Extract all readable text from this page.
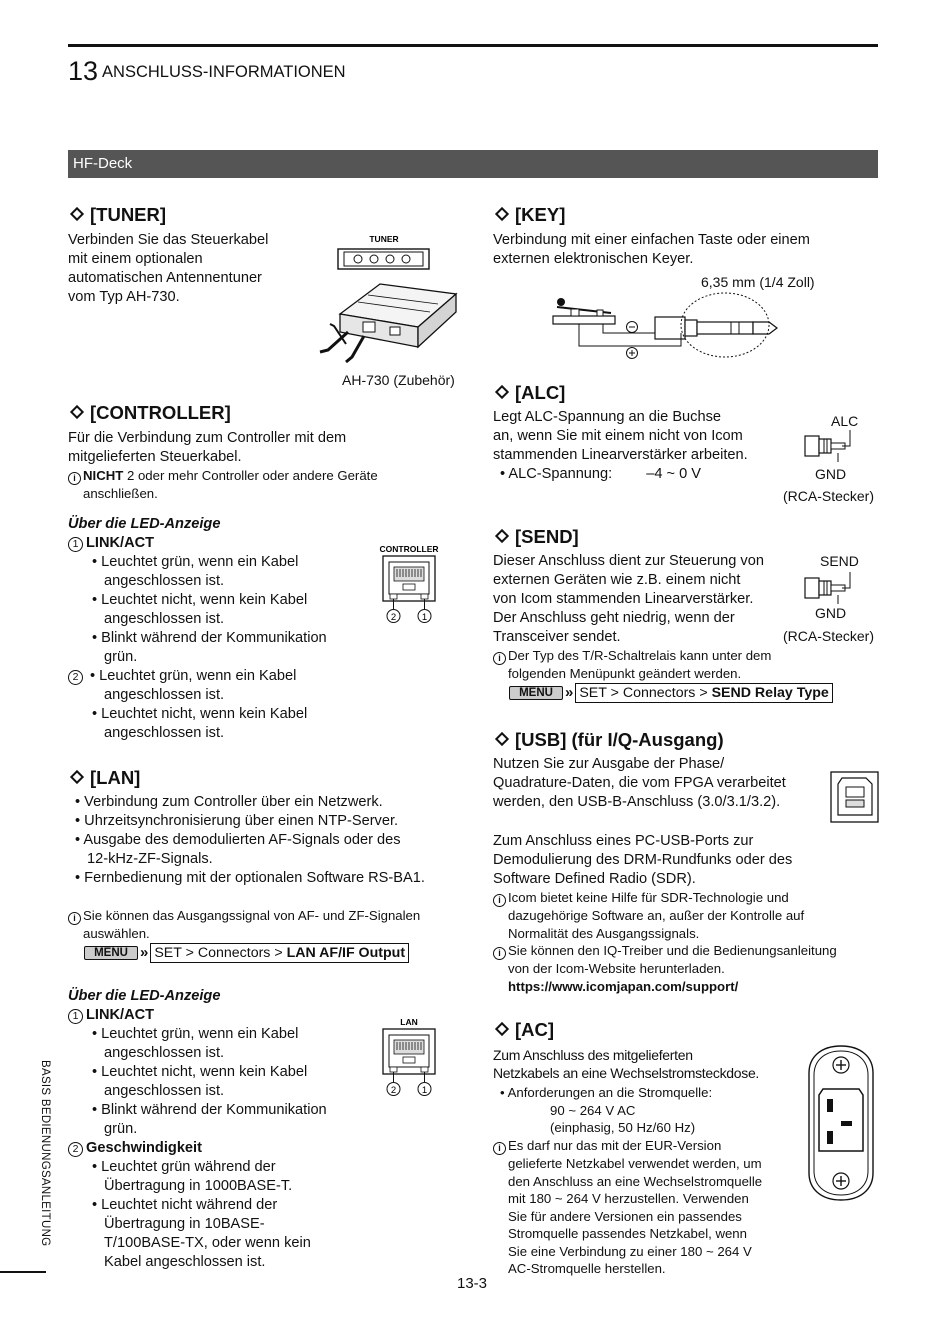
13 ANSCHLUSS-INFORMATIONEN
HF-Deck
[TUNER]
Verbinden Sie das Steuerkabel
mit einem optionalen
automatischen Antennentuner
vom Typ AH-730.
TUNER
AH-730 (Zubehör)
[CONTROLLER]
Für die Verbindung zum Controller mit dem
mitgelieferten Steuerkabel.
i NICHT 2 oder mehr Controller oder andere Geräte
anschließen.
Über die LED-Anzeige
1 LINK/ACT
• Leuchtet grün, wenn ein Kabel
angeschlossen ist.
• Leuchtet nicht, wenn kein Kabel
angeschlossen ist.
• Blinkt während der Kommunikation
grün.
2 • Leuchtet grün, wenn ein Kabel
angeschlossen ist.
• Leuchtet nicht, wenn kein Kabel
angeschlossen ist.
CONTROLLER
2	1
[LAN]
• Verbindung zum Controller über ein Netzwerk.
• Uhrzeitsynchronisierung über einen NTP-Server.
• Ausgabe des demodulierten AF-Signals oder des
12-kHz-ZF-Signals.
• Fernbedienung mit der optionalen Software RS-BA1.
i Sie können das Ausgangssignal von AF- und ZF-Signalen
auswählen.
MENU » SET > Connectors > LAN AF/IF Output
Über die LED-Anzeige
1 LINK/ACT
• Leuchtet grün, wenn ein Kabel
angeschlossen ist.
• Leuchtet nicht, wenn kein Kabel
angeschlossen ist.
• Blinkt während der Kommunikation
grün.
2 Geschwindigkeit
• Leuchtet grün während der
Übertragung in 1000BASE-T.
• Leuchtet nicht während der
Übertragung in 10BASE-
T/100BASE-TX, oder wenn kein
Kabel angeschlossen ist.
LAN
2	1
[KEY]
Verbindung mit einer einfachen Taste oder einem
externen elektronischen Keyer.
6,35 mm (1/4 Zoll)
[ALC]
Legt ALC-Spannung an die Buchse
an, wenn Sie mit einem nicht von Icom
stammenden Linearverstärker arbeiten.
• ALC-Spannung: –4 ~ 0 V
ALC
GND
(RCA-Stecker)
[SEND]
Dieser Anschluss dient zur Steuerung von
externen Geräten wie z.B. einem nicht
von Icom stammenden Linearverstärker.
Der Anschluss geht niedrig, wenn der
Transceiver sendet.
SEND
GND
(RCA-Stecker)
i Der Typ des T/R-Schaltrelais kann unter dem
folgenden Menüpunkt geändert werden.
MENU » SET > Connectors > SEND Relay Type
[USB] (für I/Q-Ausgang)
Nutzen Sie zur Ausgabe der Phase/
Quadrature-Daten, die vom FPGA verarbeitet
werden, den USB-B-Anschluss (3.0/3.1/3.2).
Zum Anschluss eines PC-USB-Ports zur
Demodulierung des DRM-Rundfunks oder des
Software Defined Radio (SDR).
i Icom bietet keine Hilfe für SDR-Technologie und
dazugehörige Software an, außer der Kontrolle auf
Normalität des Ausgangssignals.
i Sie können den IQ-Treiber und die Bedienungsanleitung
von der Icom-Website herunterladen.
https://www.icomjapan.com/support/
[AC]
Zum Anschluss des mitgelieferten
Netzkabels an eine Wechselstromsteckdose.
• Anforderungen an die Stromquelle:
90 ~ 264 V AC
(einphasig, 50 Hz/60 Hz)
i Es darf nur das mit der EUR-Version
gelieferte Netzkabel verwendet werden, um
den Anschluss an eine Wechselstromquelle
mit 180 ~ 264 V herzustellen. Verwenden
Sie für andere Versionen ein passendes
Stromquelle passendes Netzkabel, wenn
Sie eine Verbindung zu einer 180 ~ 264 V
AC-Stromquelle herstellen.
BASIS BEDIENUNGSANLEITUNG
13-3
